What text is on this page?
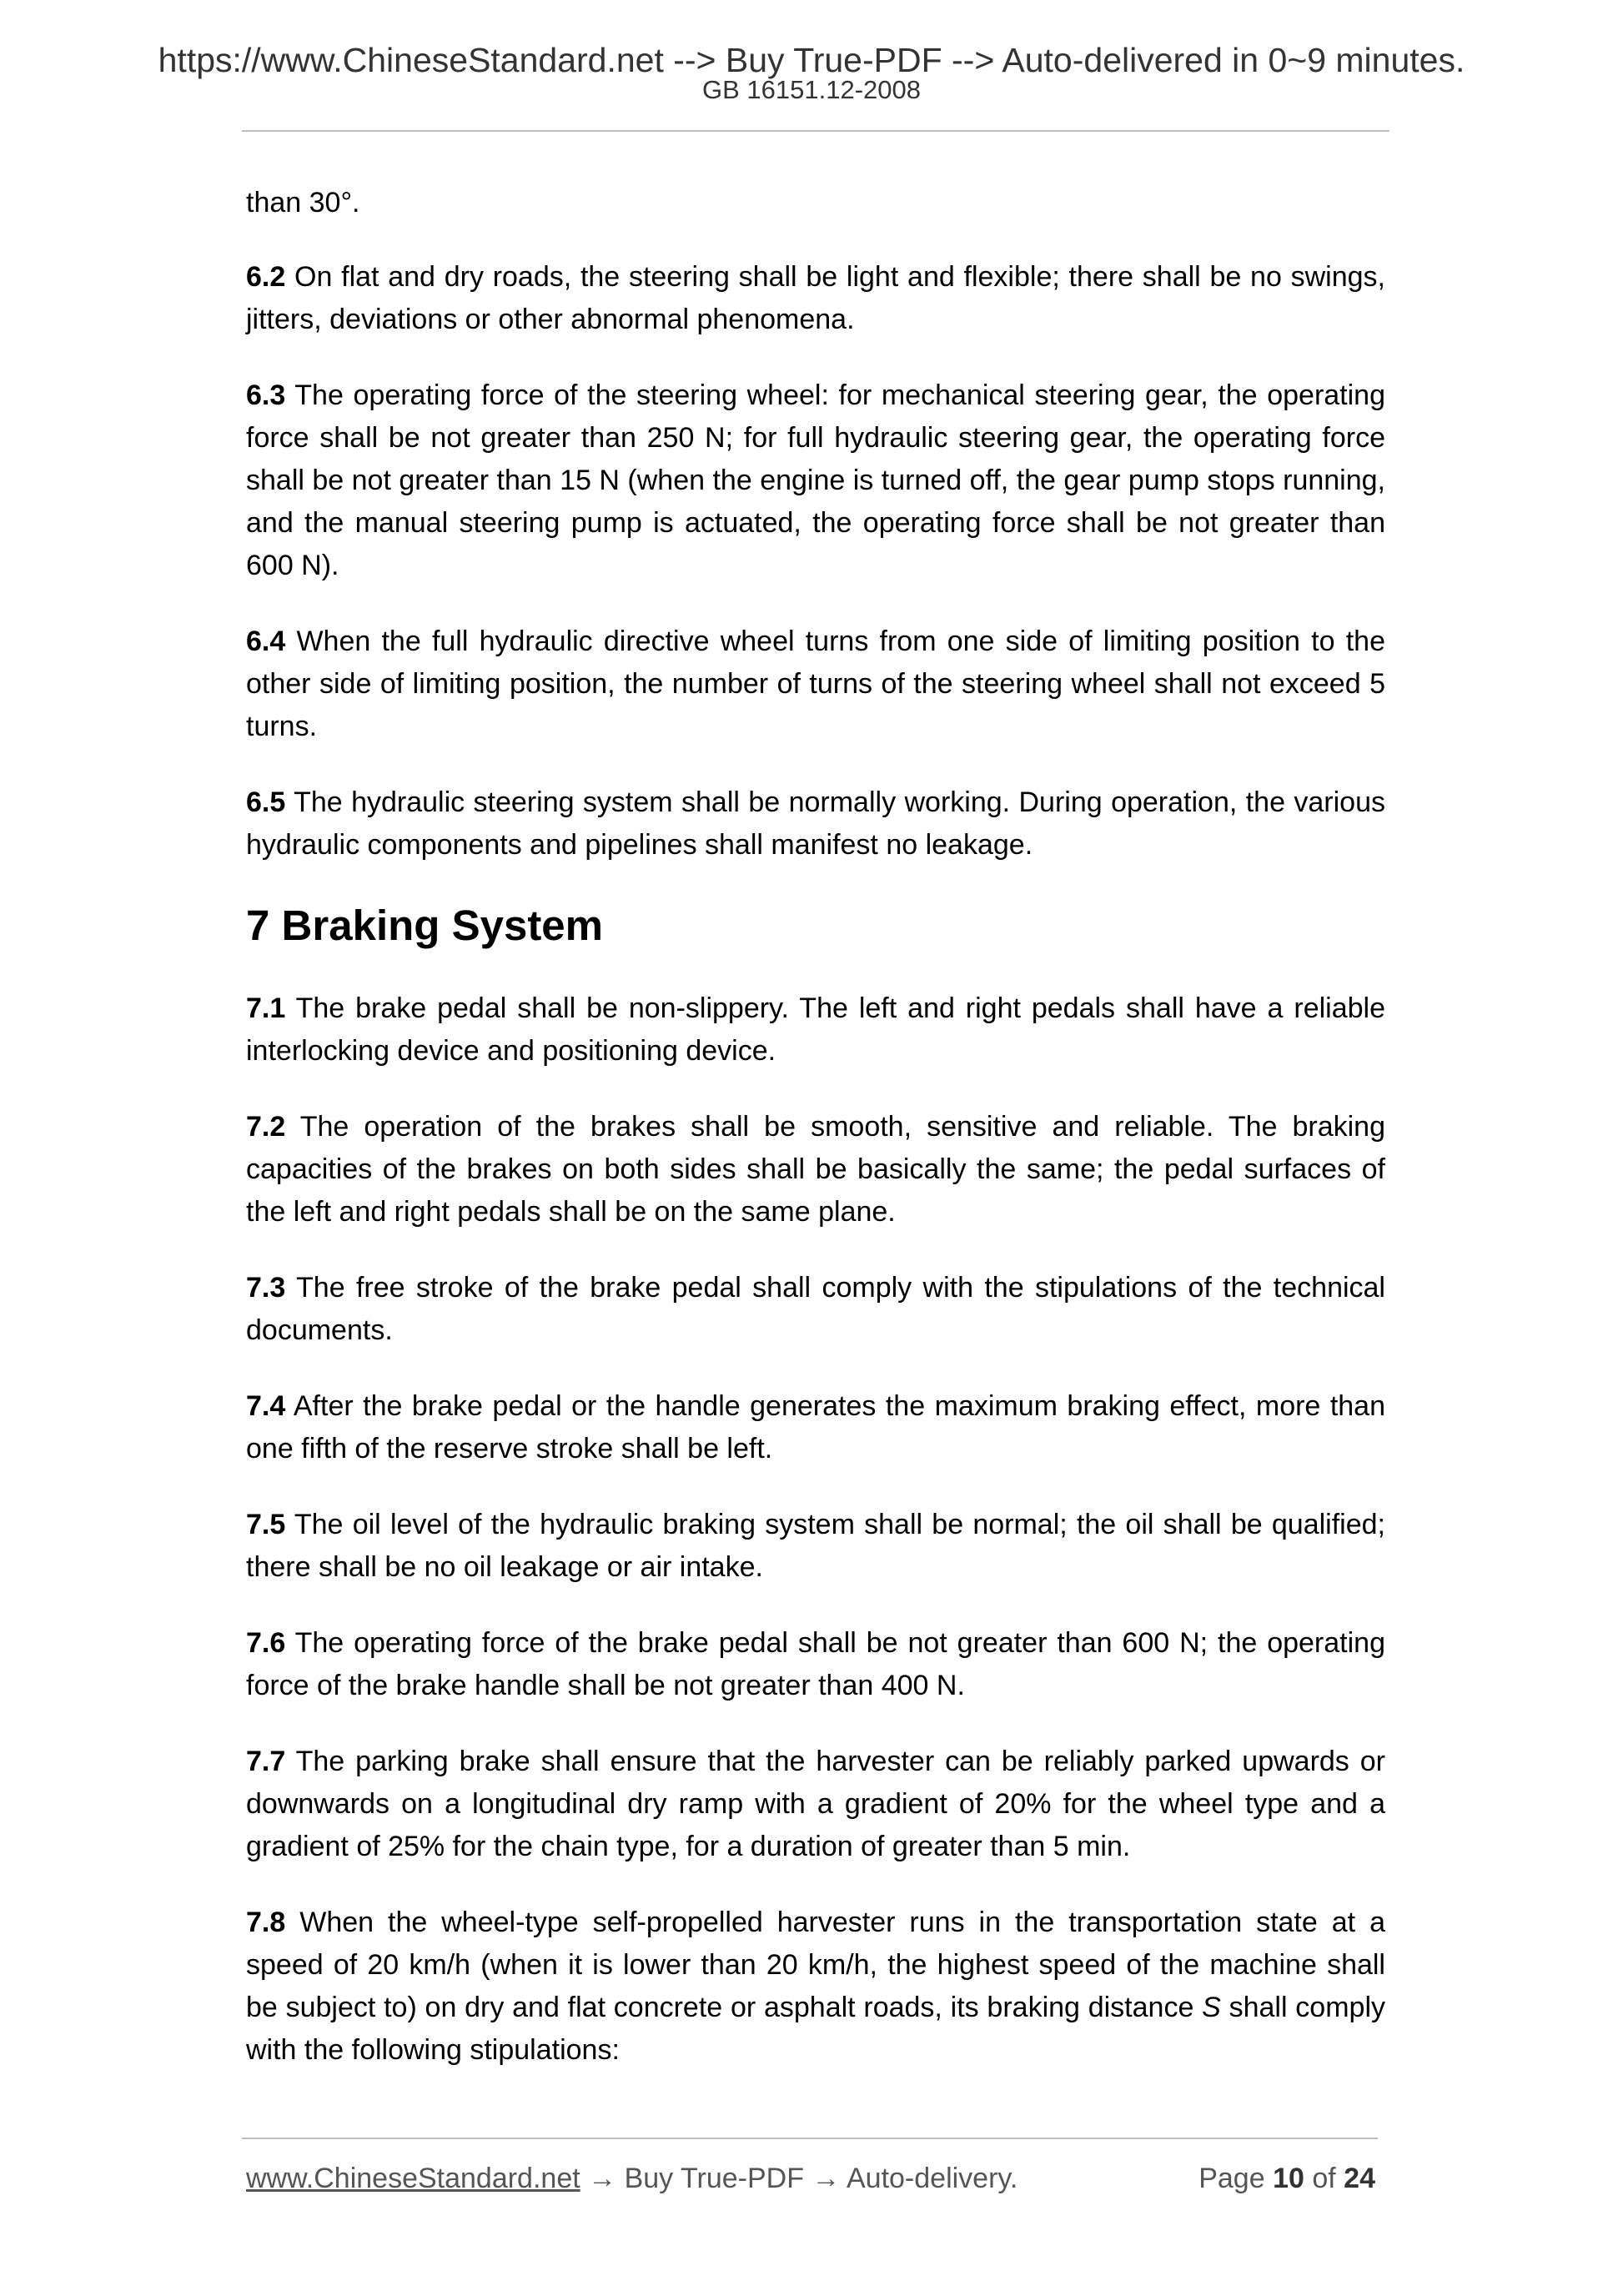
https://www.ChineseStandard.net --> Buy True-PDF --> Auto-delivered in 0~9 minutes.
GB 16151.12-2008

than 30°.

6.2 On flat and dry roads, the steering shall be light and flexible; there shall be no swings, jitters, deviations or other abnormal phenomena.

6.3 The operating force of the steering wheel: for mechanical steering gear, the operating force shall be not greater than 250 N; for full hydraulic steering gear, the operating force shall be not greater than 15 N (when the engine is turned off, the gear pump stops running, and the manual steering pump is actuated, the operating force shall be not greater than 600 N).

6.4 When the full hydraulic directive wheel turns from one side of limiting position to the other side of limiting position, the number of turns of the steering wheel shall not exceed 5 turns.

6.5 The hydraulic steering system shall be normally working. During operation, the various hydraulic components and pipelines shall manifest no leakage.

7 Braking System

7.1 The brake pedal shall be non-slippery. The left and right pedals shall have a reliable interlocking device and positioning device.

7.2 The operation of the brakes shall be smooth, sensitive and reliable. The braking capacities of the brakes on both sides shall be basically the same; the pedal surfaces of the left and right pedals shall be on the same plane.

7.3 The free stroke of the brake pedal shall comply with the stipulations of the technical documents.

7.4 After the brake pedal or the handle generates the maximum braking effect, more than one fifth of the reserve stroke shall be left.

7.5 The oil level of the hydraulic braking system shall be normal; the oil shall be qualified; there shall be no oil leakage or air intake.

7.6 The operating force of the brake pedal shall be not greater than 600 N; the operating force of the brake handle shall be not greater than 400 N.

7.7 The parking brake shall ensure that the harvester can be reliably parked upwards or downwards on a longitudinal dry ramp with a gradient of 20% for the wheel type and a gradient of 25% for the chain type, for a duration of greater than 5 min.

7.8 When the wheel-type self-propelled harvester runs in the transportation state at a speed of 20 km/h (when it is lower than 20 km/h, the highest speed of the machine shall be subject to) on dry and flat concrete or asphalt roads, its braking distance S shall comply with the following stipulations:

www.ChineseStandard.net → Buy True-PDF → Auto-delivery.	Page 10 of 24
